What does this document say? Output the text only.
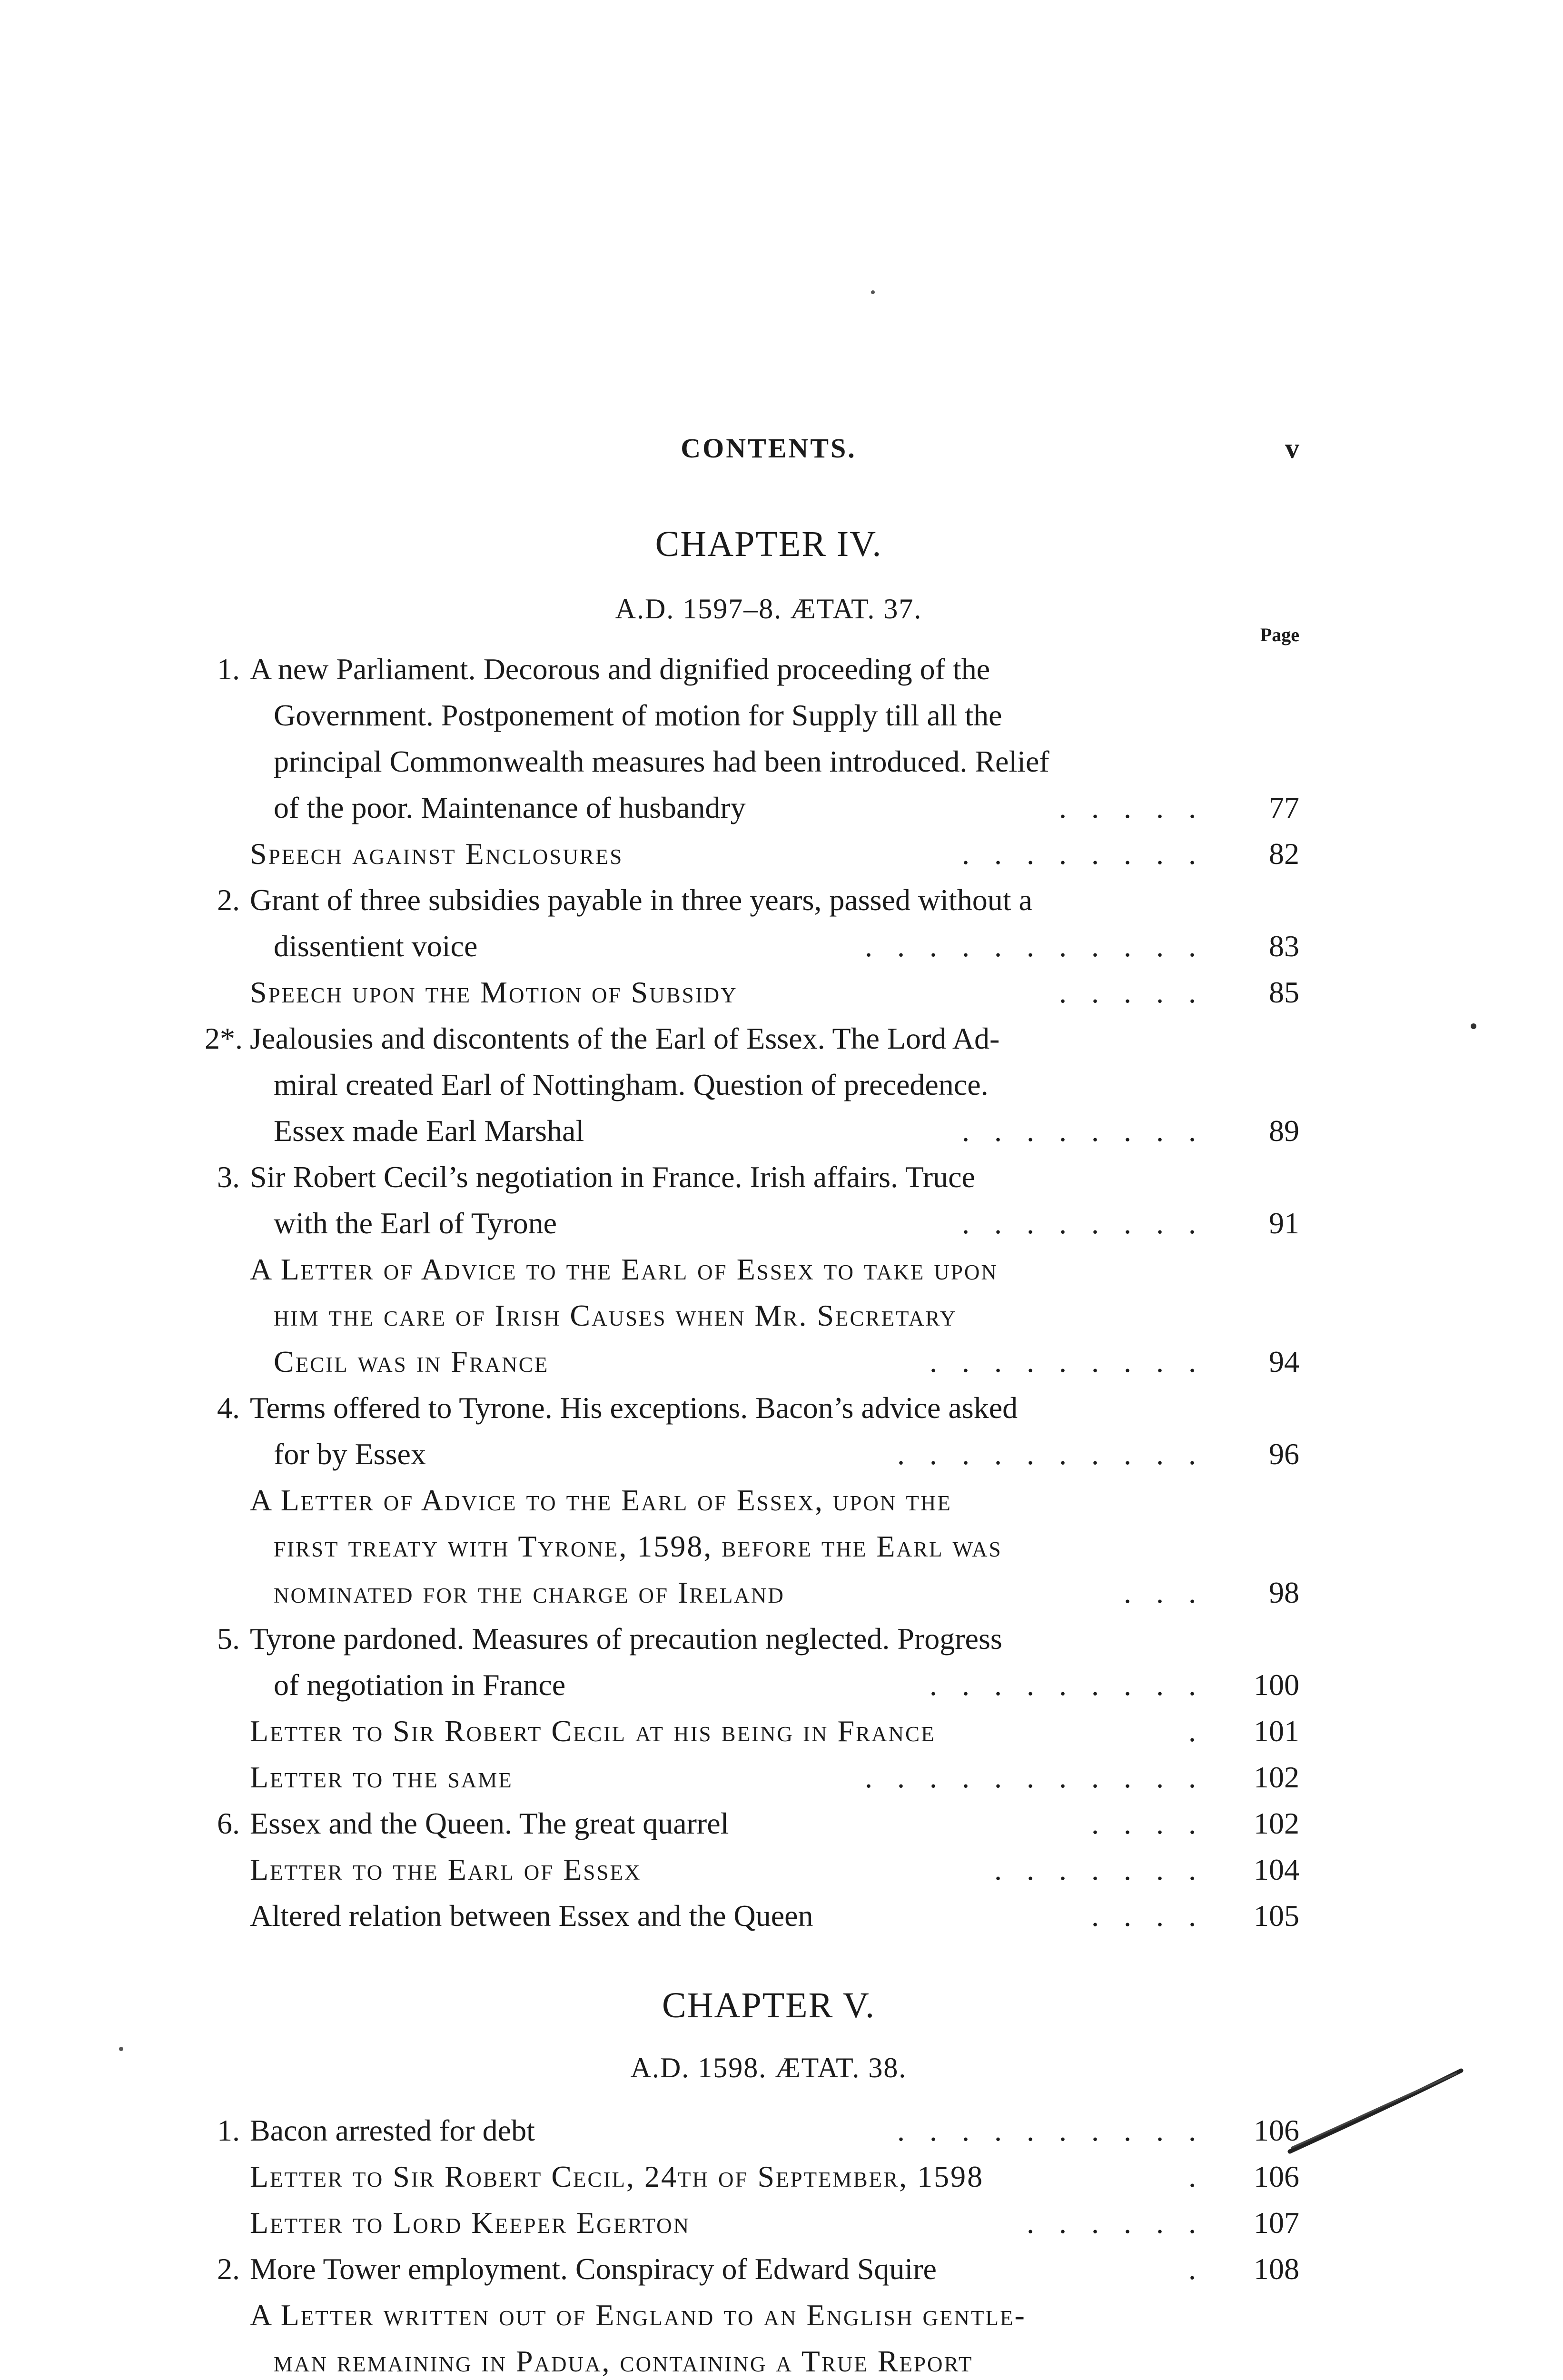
CONTENTS.	v
Page
CHAPTER IV.
A.D. 1597–8. ÆTAT. 37.
1. A new Parliament. Decorous and dignified proceeding of the
Government. Postponement of motion for Supply till all the
principal Commonwealth measures had been introduced. Relief
of the poor. Maintenance of husbandry	.....	77
Speech against Enclosures	........	82
2. Grant of three subsidies payable in three years, passed without a
dissentient voice	...........	83
Speech upon the Motion of Subsidy	.....	85
2*. Jealousies and discontents of the Earl of Essex. The Lord Ad-
miral created Earl of Nottingham. Question of precedence.
Essex made Earl Marshal	........	89
3. Sir Robert Cecil’s negotiation in France. Irish affairs. Truce
with the Earl of Tyrone	........	91
A Letter of Advice to the Earl of Essex to take upon
him the care of Irish Causes when Mr. Secretary
Cecil was in France	.........	94
4. Terms offered to Tyrone. His exceptions. Bacon’s advice asked
for by Essex	..........	96
A Letter of Advice to the Earl of Essex, upon the
first treaty with Tyrone, 1598, before the Earl was
nominated for the charge of Ireland	...	98
5. Tyrone pardoned. Measures of precaution neglected. Progress
of negotiation in France	.........	100
Letter to Sir Robert Cecil at his being in France	.	101
Letter to the same	...........	102
6. Essex and the Queen. The great quarrel	....	102
Letter to the Earl of Essex	.......	104
Altered relation between Essex and the Queen	....	105
CHAPTER V.
A.D. 1598. ÆTAT. 38.
1. Bacon arrested for debt	..........	106
Letter to Sir Robert Cecil, 24th of September, 1598	.	106
Letter to Lord Keeper Egerton	......	107
2. More Tower employment. Conspiracy of Edward Squire	.	108
A Letter written out of England to an English gentle-
man remaining in Padua, containing a True Report
